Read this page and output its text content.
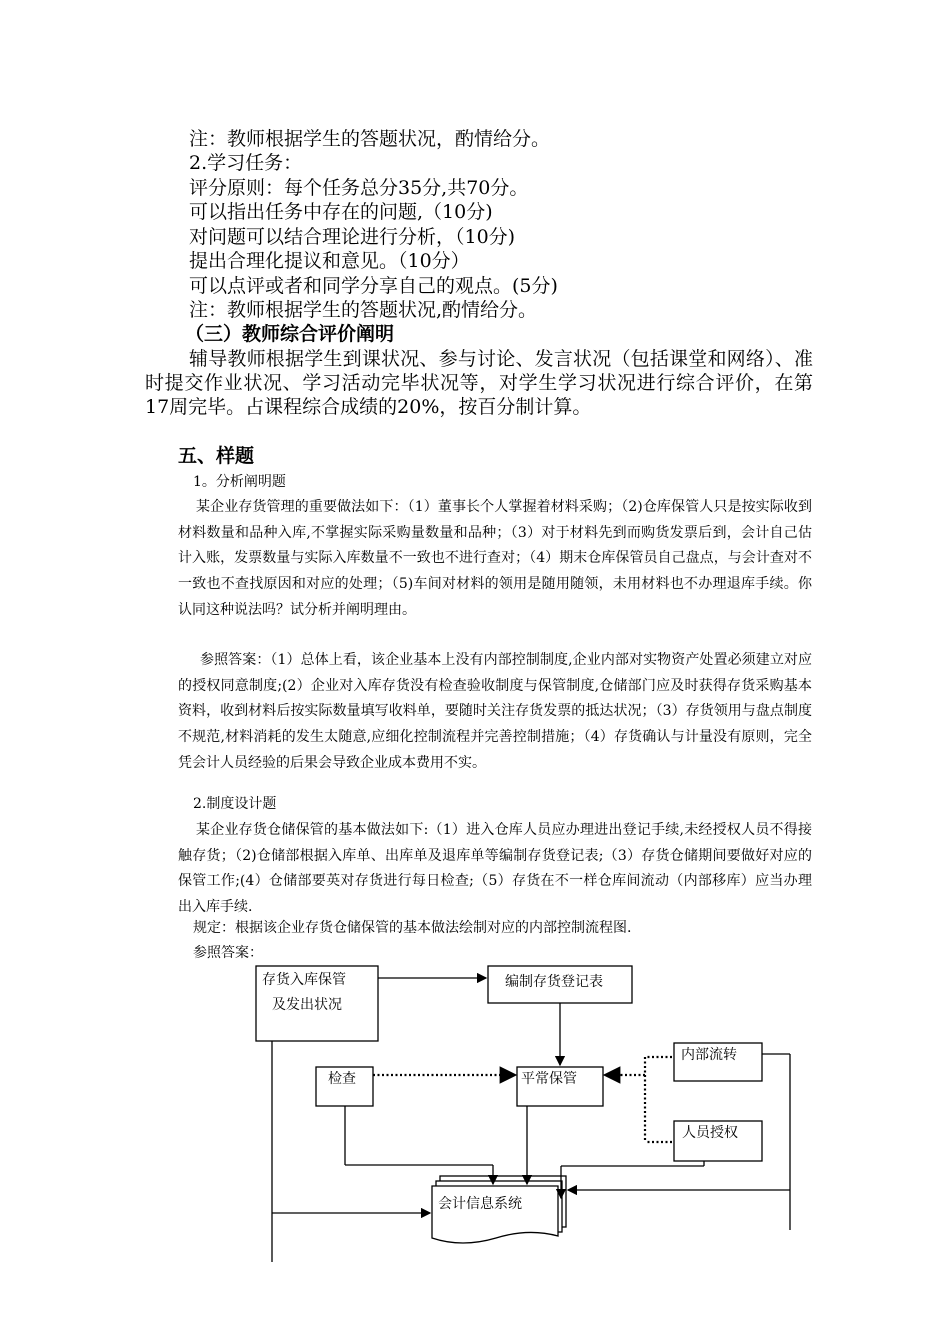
注：教师根据学生的答题状况，酌情给分。
2.学习任务：
评分原则：每个任务总分35分,共70分。
可以指出任务中存在的问题,（10分)
对问题可以结合理论进行分析，（10分)
提出合理化提议和意见。（10分）
可以点评或者和同学分享自己的观点。(5分)
注：教师根据学生的答题状况,酌情给分。
（三）教师综合评价阐明
辅导教师根据学生到课状况、参与讨论、发言状况（包括课堂和网络）、准时提交作业状况、学习活动完毕状况等，对学生学习状况进行综合评价，在第17周完毕。占课程综合成绩的20%，按百分制计算。
五、样题
1。分析阐明题
某企业存货管理的重要做法如下：（1）董事长个人掌握着材料采购；（2)仓库保管人只是按实际收到材料数量和品种入库,不掌握实际采购量数量和品种；（3）对于材料先到而购货发票后到，会计自己估计入账，发票数量与实际入库数量不一致也不进行查对；（4）期末仓库保管员自己盘点，与会计查对不一致也不查找原因和对应的处理；（5)车间对材料的领用是随用随领，未用材料也不办理退库手续。你认同这种说法吗？试分析并阐明理由。
参照答案：（1）总体上看，该企业基本上没有内部控制制度,企业内部对实物资产处置必须建立对应的授权同意制度;(2）企业对入库存货没有检查验收制度与保管制度,仓储部门应及时获得存货采购基本资料，收到材料后按实际数量填写收料单，要随时关注存货发票的抵达状况；（3）存货领用与盘点制度不规范,材料消耗的发生太随意,应细化控制流程并完善控制措施；（4）存货确认与计量没有原则，完全凭会计人员经验的后果会导致企业成本费用不实。
2.制度设计题
某企业存货仓储保管的基本做法如下:（1）进入仓库人员应办理进出登记手续,未经授权人员不得接触存货；（2)仓储部根据入库单、出库单及退库单等编制存货登记表;（3）存货仓储期间要做好对应的保管工作;(4）仓储部要英对存货进行每日检查;（5）存货在不一样仓库间流动（内部移库）应当办理出入库手续.
规定：根据该企业存货仓储保管的基本做法绘制对应的内部控制流程图.
参照答案：
存货入库保管
及发出状况
编制存货登记表
内部流转
检查	平常保管
人员授权
会计信息系统
